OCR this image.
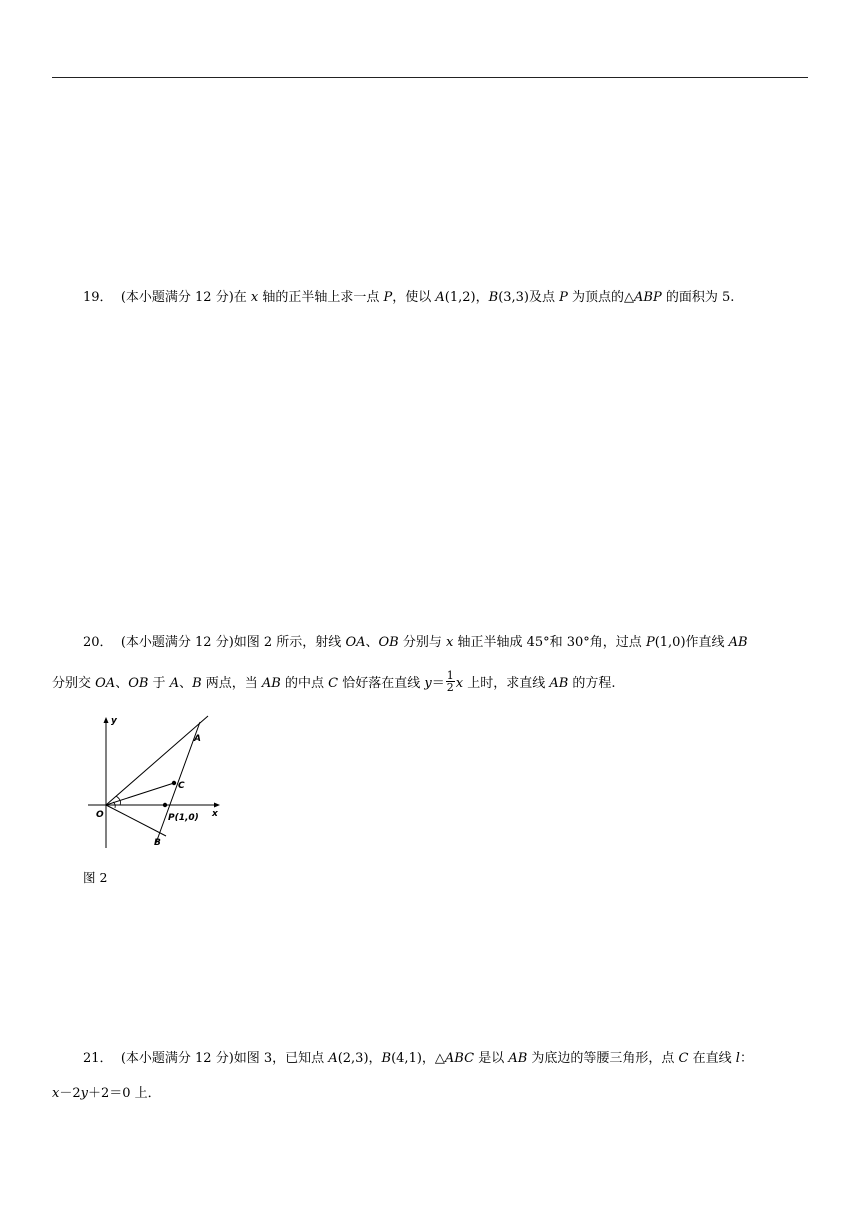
19． (本小题满分 12 分)在 x 轴的正半轴上求一点 P，使以 A(1,2)，B(3,3)及点 P 为顶点的△ABP 的面积为 5.
20． (本小题满分 12 分)如图 2 所示，射线 OA、OB 分别与 x 轴正半轴成 45°和 30°角，过点 P(1,0)作直线 AB
分别交 OA、OB 于 A、B 两点，当 AB 的中点 C 恰好落在直线 $y= \frac{1}{2}$ x 上时，求直线 AB 的方程.
y
x
O
A
C
P(1,0)
B
图 2
21． (本小题满分 12 分)如图 3，已知点 A(2,3)，B(4,1)，△ABC 是以 AB 为底边的等腰三角形，点 C 在直线 l：
x－2y＋2＝0 上．
